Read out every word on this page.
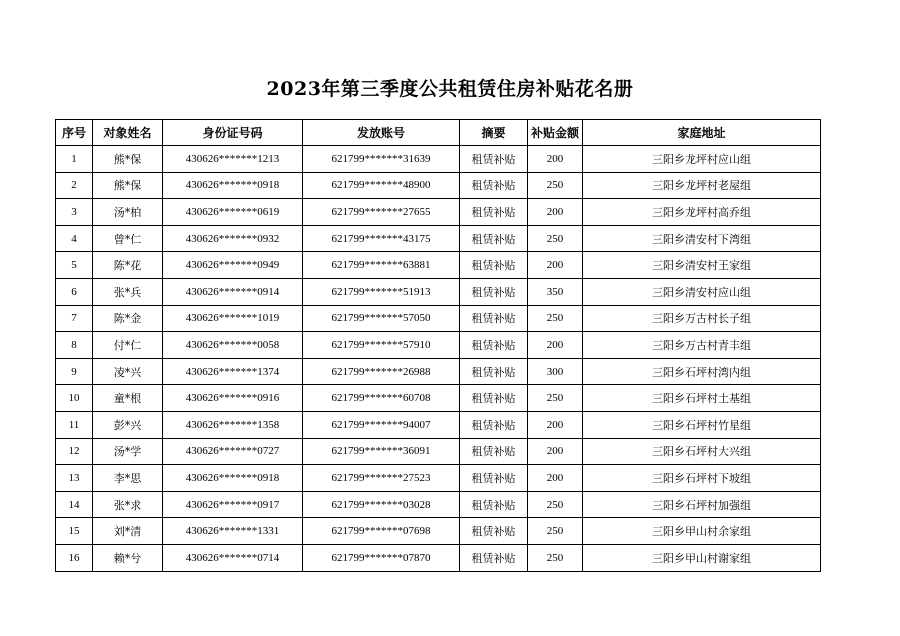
2023年第三季度公共租赁住房补贴花名册
序号	对象姓名	身份证号码	发放账号	摘要	补贴金额	家庭地址
1	熊*保	430626*******1213	621799*******31639	租赁补贴	200	三阳乡龙坪村应山组
2	熊*保	430626*******0918	621799*******48900	租赁补贴	250	三阳乡龙坪村老屋组
3	汤*柏	430626*******0619	621799*******27655	租赁补贴	200	三阳乡龙坪村高乔组
4	曾*仁	430626*******0932	621799*******43175	租赁补贴	250	三阳乡清安村下湾组
5	陈*花	430626*******0949	621799*******63881	租赁补贴	200	三阳乡清安村王家组
6	张*兵	430626*******0914	621799*******51913	租赁补贴	350	三阳乡清安村应山组
7	陈*金	430626*******1019	621799*******57050	租赁补贴	250	三阳乡万古村长子组
8	付*仁	430626*******0058	621799*******57910	租赁补贴	200	三阳乡万古村青丰组
9	凌*兴	430626*******1374	621799*******26988	租赁补贴	300	三阳乡石坪村湾内组
10	童*根	430626*******0916	621799*******60708	租赁补贴	250	三阳乡石坪村土基组
11	彭*兴	430626*******1358	621799*******94007	租赁补贴	200	三阳乡石坪村竹星组
12	汤*学	430626*******0727	621799*******36091	租赁补贴	200	三阳乡石坪村大兴组
13	李*思	430626*******0918	621799*******27523	租赁补贴	200	三阳乡石坪村下坡组
14	张*求	430626*******0917	621799*******03028	租赁补贴	250	三阳乡石坪村加强组
15	刘*清	430626*******1331	621799*******07698	租赁补贴	250	三阳乡甲山村余家组
16	赖*兮	430626*******0714	621799*******07870	租赁补贴	250	三阳乡甲山村谢家组
